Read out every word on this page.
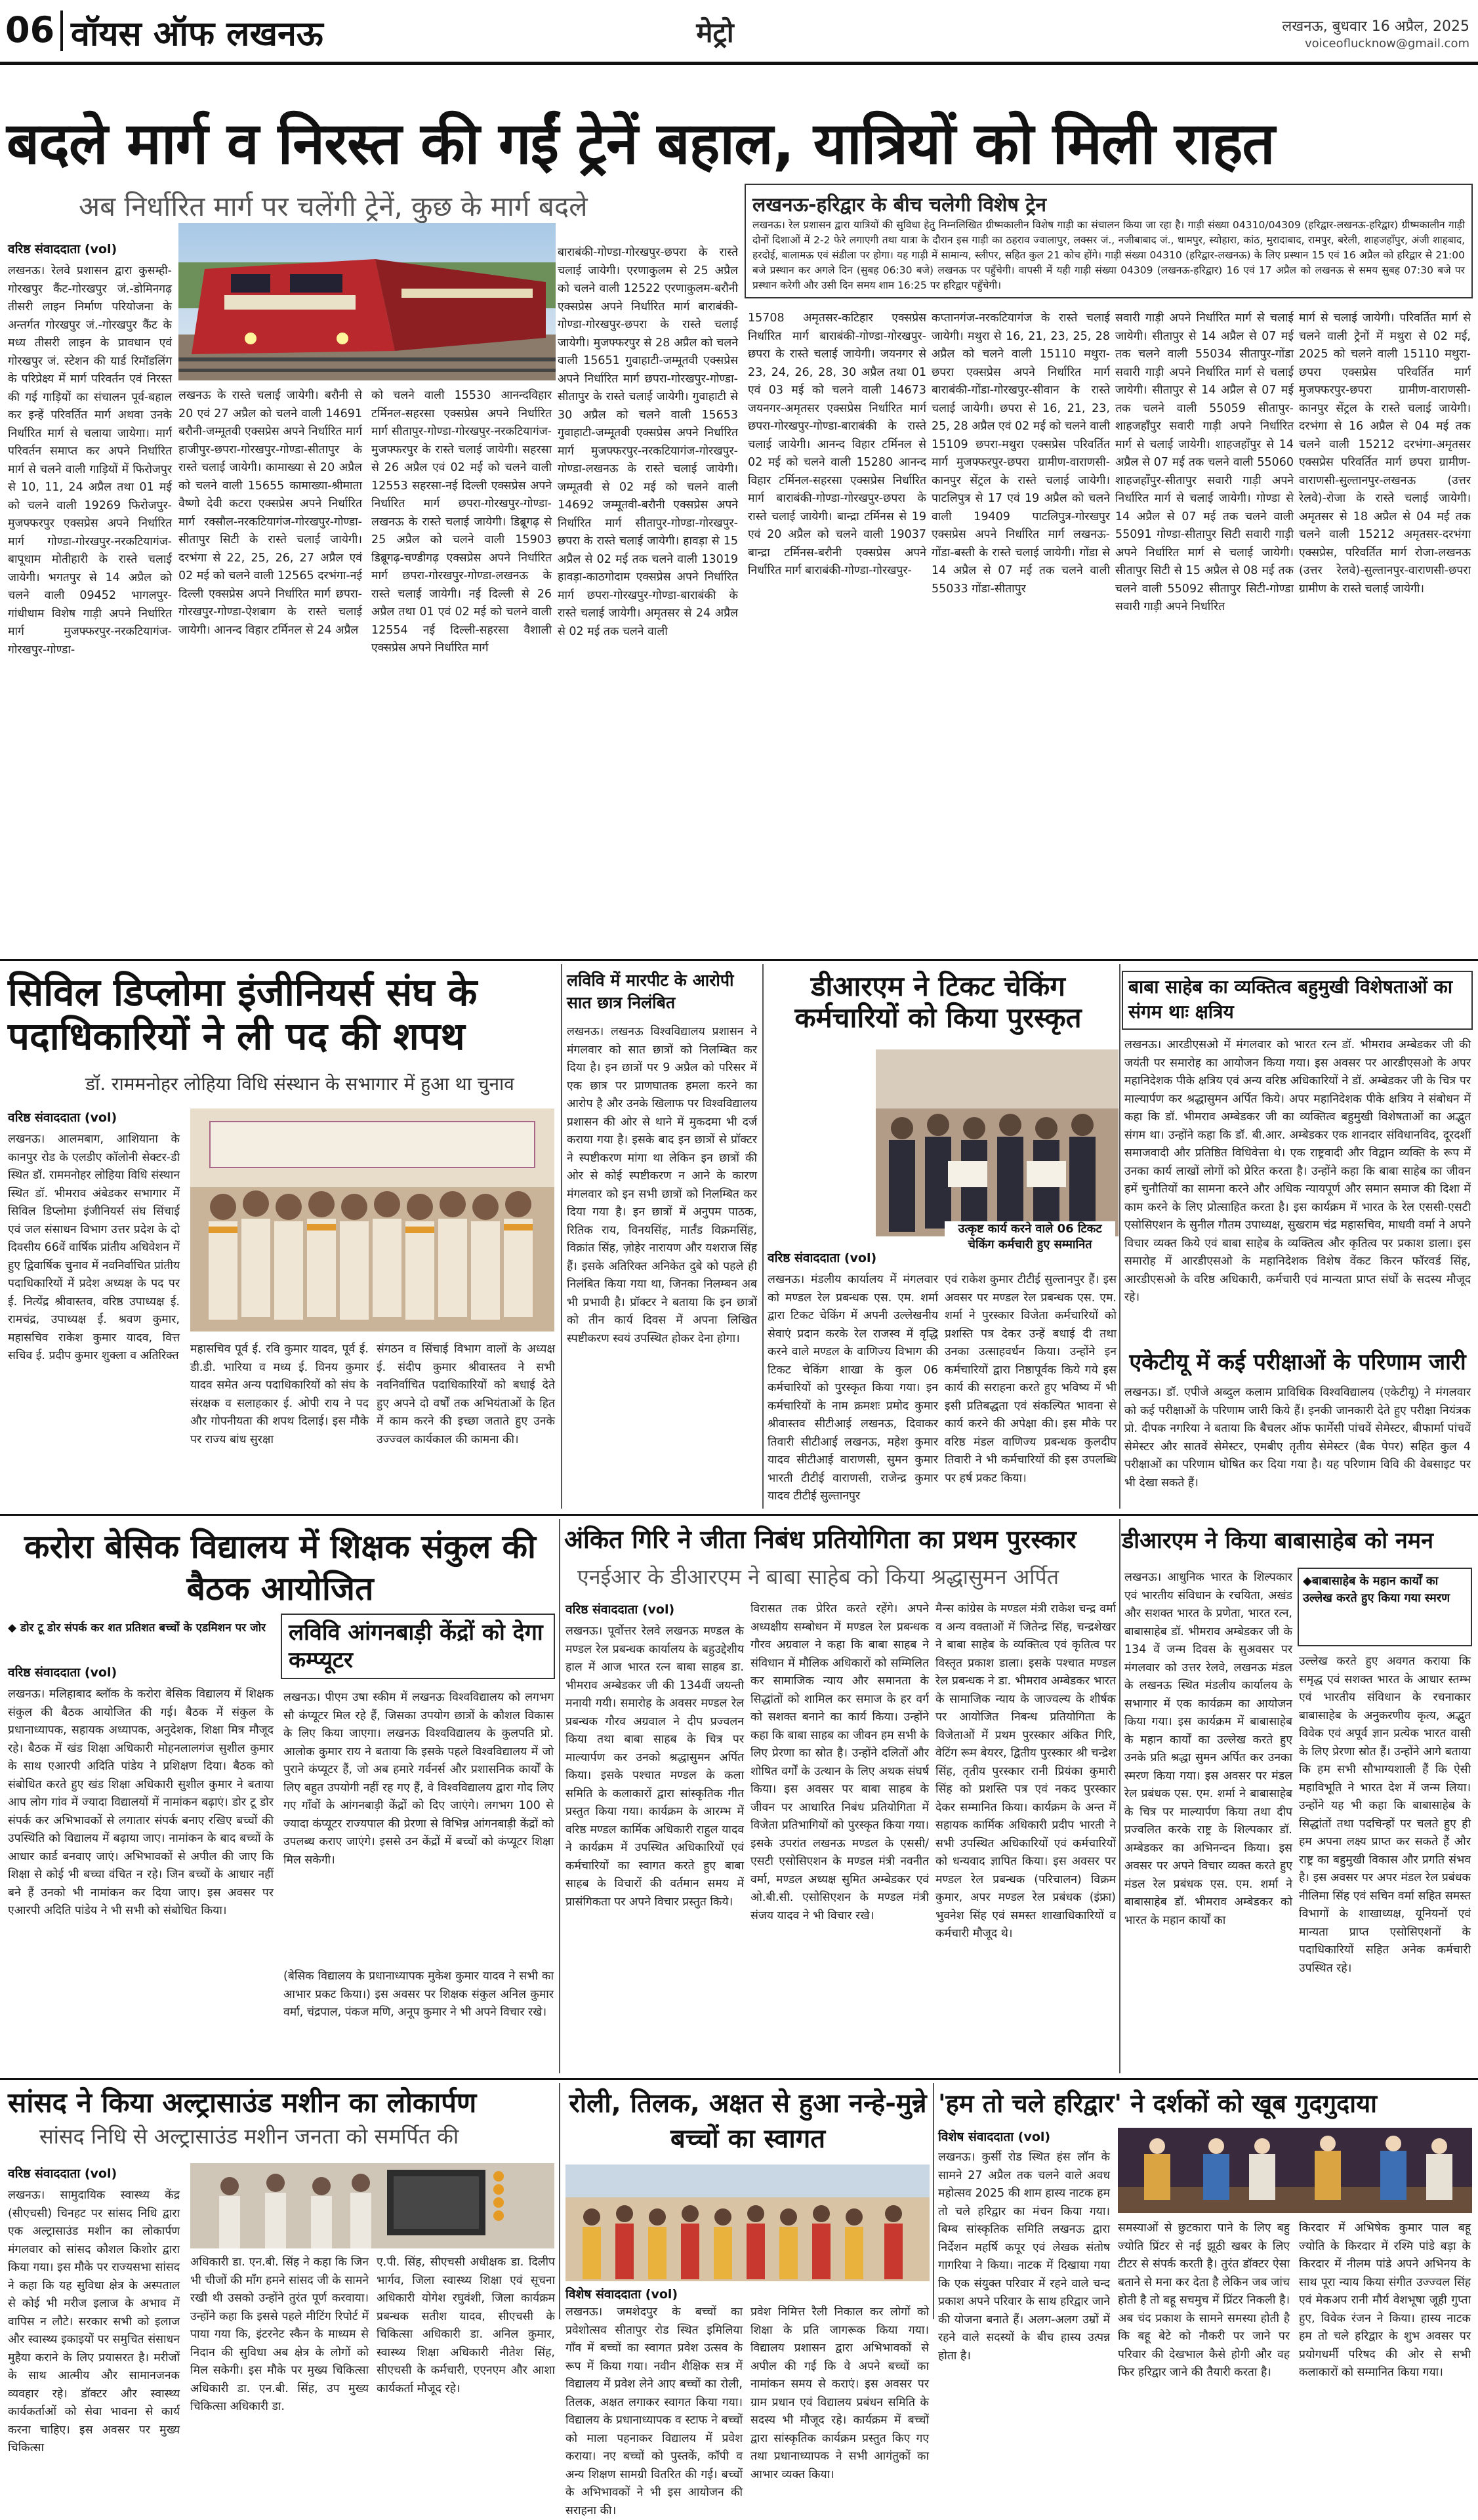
06 वॉयस ऑफ लखनऊ	मेट्रो	लखनऊ, बुधवार 16 अप्रैल, 2025
voiceoflucknow@gmail.com
बदले मार्ग व निरस्त की गईं ट्रेनें बहाल, यात्रियों को मिली राहत
अब निर्धारित मार्ग पर चलेंगी ट्रेनें, कुछ के मार्ग बदले	लखनऊ-हरिद्वार के बीच चलेगी विशेष ट्रेन
लखनऊ। रेल प्रशासन द्वारा यात्रियों की सुविधा हेतु निम्नलिखित ग्रीष्मकालीन विशेष गाड़ी का संचालन किया जा रहा है। गाड़ी संख्या 04310/04309 (हरिद्वार-लखनऊ-हरिद्वार) ग्रीष्मकालीन गाड़ी दोनों दिशाओं में 2-2 फेरे लगाएगी तथा यात्रा के दौरान इस गाड़ी का ठहराव ज्वालापुर, लक्सर जं., नजीबाबाद जं., धामपुर, स्योहारा, कांठ, मुरादाबाद, रामपुर, बरेली, शाहजहाँपुर, अंजी शाहबाद, हरदोई, बालामऊ एवं संडीला पर होगा। यह गाड़ी में सामान्य, स्लीपर, सहित कुल 21 कोच होंगे। गाड़ी संख्या 04310 (हरिद्वार-लखनऊ) के लिए प्रस्थान 15 एवं 16 अप्रैल को हरिद्वार से 21:00 बजे प्रस्थान कर अगले दिन (सुबह 06:30 बजे) लखनऊ पर पहुँचेगी। वापसी में यही गाड़ी संख्या 04309 (लखनऊ-हरिद्वार) 16 एवं 17 अप्रैल को लखनऊ से समय सुबह 07:30 बजे पर प्रस्थान करेगी और उसी दिन समय शाम 16:25 पर हरिद्वार पहुँचेगी।
वरिष्ठ संवाददाता (vol)
लखनऊ। रेलवे प्रशासन द्वारा कुसम्ही-गोरखपुर कैंट-गोरखपुर जं.-डोमिनगढ़ तीसरी लाइन निर्माण परियोजना के अन्तर्गत गोरखपुर जं.-गोरखपुर कैंट के मध्य तीसरी लाइन के प्रावधान एवं गोरखपुर जं. स्टेशन की यार्ड रिमॉडलिंग के परिप्रेक्ष्य में मार्ग परिवर्तन एवं निरस्त की गई गाड़ियों का संचालन पूर्व-बहाल कर इन्हें परिवर्तित मार्ग अथवा उनके निर्धारित मार्ग से चलाया जायेगा। मार्ग परिवर्तन समाप्त कर अपने निर्धारित मार्ग से चलने वाली गाड़ियों में फिरोजपुर से 10, 11, 24 अप्रैल तथा 01 मई को चलने वाली 19269 फिरोजपुर-मुजफ्फरपुर एक्सप्रेस अपने निर्धारित मार्ग गोण्डा-गोरखपुर-नरकटियागंज-बापूधाम मोतीहारी के रास्ते चलाई जायेगी। भगतपुर से 14 अप्रैल को चलने वाली 09452 भागलपुर-गांधीधाम विशेष गाड़ी अपने निर्धारित मार्ग मुजफ्फरपुर-नरकटियागंज-गोरखपुर-गोण्डा-
लखनऊ के रास्ते चलाई जायेगी। बरौनी से 20 एवं 27 अप्रैल को चलने वाली 14691 बरौनी-जम्मूतवी एक्सप्रेस अपने निर्धारित मार्ग हाजीपुर-छपरा-गोरखपुर-गोण्डा-सीतापुर के रास्ते चलाई जायेगी। कामाख्या से 20 अप्रैल को चलने वाली 15655 कामाख्या-श्रीमाता वैष्णो देवी कटरा एक्सप्रेस अपने निर्धारित मार्ग रक्सौल-नरकटियागंज-गोरखपुर-गोण्डा-सीतापुर सिटी के रास्ते चलाई जायेगी। दरभंगा से 22, 25, 26, 27 अप्रैल एवं 02 मई को चलने वाली 12565 दरभंगा-नई दिल्ली एक्सप्रेस अपने निर्धारित मार्ग छपरा-गोरखपुर-गोण्डा-ऐशबाग के रास्ते चलाई जायेगी। आनन्द विहार टर्मिनल से 24 अप्रैल
को चलने वाली 15530 आनन्दविहार टर्मिनल-सहरसा एक्सप्रेस अपने निर्धारित मार्ग सीतापुर-गोण्डा-गोरखपुर-नरकटियागंज-मुजफ्फरपुर के रास्ते चलाई जायेगी। सहरसा से 26 अप्रैल एवं 02 मई को चलने वाली 12553 सहरसा-नई दिल्ली एक्सप्रेस अपने निर्धारित मार्ग छपरा-गोरखपुर-गोण्डा-लखनऊ के रास्ते चलाई जायेगी। डिब्रूगढ़ से 25 अप्रैल को चलने वाली 15903 डिब्रूगढ़-चण्डीगढ़ एक्सप्रेस अपने निर्धारित मार्ग छपरा-गोरखपुर-गोण्डा-लखनऊ के रास्ते चलाई जायेगी। नई दिल्ली से 26 अप्रैल तथा 01 एवं 02 मई को चलने वाली 12554 नई दिल्ली-सहरसा वैशाली एक्सप्रेस अपने निर्धारित मार्ग
बाराबंकी-गोण्डा-गोरखपुर-छपरा के रास्ते चलाई जायेगी। एरणाकुलम से 25 अप्रैल को चलने वाली 12522 एरणाकुलम-बरौनी एक्सप्रेस अपने निर्धारित मार्ग बाराबंकी-गोण्डा-गोरखपुर-छपरा के रास्ते चलाई जायेगी। मुजफ्फरपुर से 28 अप्रैल को चलने वाली 15651 गुवाहाटी-जम्मूतवी एक्सप्रेस अपने निर्धारित मार्ग छपरा-गोरखपुर-गोण्डा-सीतापुर के रास्ते चलाई जायेगी। गुवाहाटी से 30 अप्रैल को चलने वाली 15653 गुवाहाटी-जम्मूतवी एक्सप्रेस अपने निर्धारित मार्ग मुजफ्फरपुर-नरकटियागंज-गोरखपुर-गोण्डा-लखनऊ के रास्ते चलाई जायेगी। जम्मूतवी से 02 मई को चलने वाली 14692 जम्मूतवी-बरौनी एक्सप्रेस अपने निर्धारित मार्ग सीतापुर-गोण्डा-गोरखपुर-छपरा के रास्ते चलाई जायेगी। हावड़ा से 15 अप्रैल से 02 मई तक चलने वाली 13019 हावड़ा-काठगोदाम एक्सप्रेस अपने निर्धारित मार्ग छपरा-गोरखपुर-गोण्डा-बाराबंकी के रास्ते चलाई जायेगी। अमृतसर से 24 अप्रैल से 02 मई तक चलने वाली
15708 अमृतसर-कटिहार एक्सप्रेस निर्धारित मार्ग बाराबंकी-गोण्डा-गोरखपुर-छपरा के रास्ते चलाई जायेगी। जयनगर से 23, 24, 26, 28, 30 अप्रैल तथा 01 एवं 03 मई को चलने वाली 14673 जयनगर-अमृतसर एक्सप्रेस निर्धारित मार्ग छपरा-गोरखपुर-गोण्डा-बाराबंकी के रास्ते चलाई जायेगी। आनन्द विहार टर्मिनल से 02 मई को चलने वाली 15280 आनन्द विहार टर्मिनल-सहरसा एक्सप्रेस निर्धारित मार्ग बाराबंकी-गोण्डा-गोरखपुर-छपरा के रास्ते चलाई जायेगी। बान्द्रा टर्मिनस से 19 एवं 20 अप्रैल को चलने वाली 19037 बान्द्रा टर्मिनस-बरौनी एक्सप्रेस अपने निर्धारित मार्ग बाराबंकी-गोण्डा-गोरखपुर-
कप्तानगंज-नरकटियागंज के रास्ते चलाई जायेगी। मथुरा से 16, 21, 23, 25, 28 अप्रैल को चलने वाली 15110 मथुरा-छपरा एक्सप्रेस अपने निर्धारित मार्ग बाराबंकी-गोंडा-गोरखपुर-सीवान के रास्ते चलाई जायेगी। छपरा से 16, 21, 23, 25, 28 अप्रैल एवं 02 मई को चलने वाली 15109 छपरा-मथुरा एक्सप्रेस परिवर्तित मार्ग मुजफ्फरपुर-छपरा ग्रामीण-वाराणसी-कानपुर सेंट्रल के रास्ते चलाई जायेगी। पाटलिपुत्र से 17 एवं 19 अप्रैल को चलने वाली 19409 पाटलिपुत्र-गोरखपुर एक्सप्रेस अपने निर्धारित मार्ग लखनऊ-गोंडा-बस्ती के रास्ते चलाई जायेगी। गोंडा से 14 अप्रैल से 07 मई तक चलने वाली 55033 गोंडा-सीतापुर
सवारी गाड़ी अपने निर्धारित मार्ग से चलाई जायेगी। सीतापुर से 14 अप्रैल से 07 मई तक चलने वाली 55034 सीतापुर-गोंडा सवारी गाड़ी अपने निर्धारित मार्ग से चलाई जायेगी। सीतापुर से 14 अप्रैल से 07 मई तक चलने वाली 55059 सीतापुर-शाहजहाँपुर सवारी गाड़ी अपने निर्धारित मार्ग से चलाई जायेगी। शाहजहाँपुर से 14 अप्रैल से 07 मई तक चलने वाली 55060 शाहजहाँपुर-सीतापुर सवारी गाड़ी अपने निर्धारित मार्ग से चलाई जायेगी। गोण्डा से 14 अप्रैल से 07 मई तक चलने वाली 55091 गोण्डा-सीतापुर सिटी सवारी गाड़ी अपने निर्धारित मार्ग से चलाई जायेगी। सीतापुर सिटी से 15 अप्रैल से 08 मई तक चलने वाली 55092 सीतापुर सिटी-गोण्डा सवारी गाड़ी अपने निर्धारित
मार्ग से चलाई जायेगी। परिवर्तित मार्ग से चलने वाली ट्रेनों में मथुरा से 02 मई, 2025 को चलने वाली 15110 मथुरा-छपरा एक्सप्रेस परिवर्तित मार्ग मुजफ्फरपुर-छपरा ग्रामीण-वाराणसी-कानपुर सेंट्रल के रास्ते चलाई जायेगी। दरभंगा से 16 अप्रैल से 04 मई तक चलने वाली 15212 दरभंगा-अमृतसर एक्सप्रेस परिवर्तित मार्ग छपरा ग्रामीण-वाराणसी-सुल्तानपुर-लखनऊ (उत्तर रेलवे)-रोजा के रास्ते चलाई जायेगी। अमृतसर से 18 अप्रैल से 04 मई तक चलने वाली 15212 अमृतसर-दरभंगा एक्सप्रेस, परिवर्तित मार्ग रोजा-लखनऊ (उत्तर रेलवे)-सुल्तानपुर-वाराणसी-छपरा ग्रामीण के रास्ते चलाई जायेगी।
सिविल डिप्लोमा इंजीनियर्स संघ के पदाधिकारियों ने ली पद की शपथ
डॉ. राममनोहर लोहिया विधि संस्थान के सभागार में हुआ था चुनाव
वरिष्ठ संवाददाता (vol)
लखनऊ। आलमबाग, आशियाना के कानपुर रोड के एलडीए कॉलोनी सेक्टर-डी स्थित डॉ. राममनोहर लोहिया विधि संस्थान स्थित डॉ. भीमराव अंबेडकर सभागार में सिविल डिप्लोमा इंजीनियर्स संघ सिंचाई एवं जल संसाधन विभाग उत्तर प्रदेश के दो दिवसीय 66वें वार्षिक प्रांतीय अधिवेशन में हुए द्विवार्षिक चुनाव में नवनिर्वाचित प्रांतीय पदाधिकारियों में प्रदेश अध्यक्ष के पद पर ई. नित्येंद्र श्रीवास्तव, वरिष्ठ उपाध्यक्ष ई. रामचंद्र, उपाध्यक्ष ई. श्रवण कुमार, महासचिव राकेश कुमार यादव, वित्त सचिव ई. प्रदीप कुमार शुक्ला व अतिरिक्त महासचिव पूर्व ई. रवि कुमार यादव, पूर्व ई. डी.डी. भारिया व मध्य ई. विनय कुमार यादव समेत अन्य पदाधिकारियों को संघ के संरक्षक व सलाहकार ई. ओपी राय ने पद और गोपनीयता की शपथ दिलाई। इस मौके पर राज्य बांध सुरक्षा
संगठन व सिंचाई विभाग वालों के अध्यक्ष ई. संदीप कुमार श्रीवास्तव ने सभी नवनिर्वाचित पदाधिकारियों को बधाई देते हुए अपने दो वर्षों तक अभियंताओं के हित में काम करने की इच्छा जताते हुए उनके उज्ज्वल कार्यकाल की कामना की।
लविवि में मारपीट के आरोपी सात छात्र निलंबित
लखनऊ। लखनऊ विश्वविद्यालय प्रशासन ने मंगलवार को सात छात्रों को निलम्बित कर दिया है। इन छात्रों पर 9 अप्रैल को परिसर में एक छात्र पर प्राणघातक हमला करने का आरोप है और उनके खिलाफ पर विश्वविद्यालय प्रशासन की ओर से थाने में मुकदमा भी दर्ज कराया गया है। इसके बाद इन छात्रों से प्रॉक्टर ने स्पष्टीकरण मांगा था लेकिन इन छात्रों की ओर से कोई स्पष्टीकरण न आने के कारण मंगलवार को इन सभी छात्रों को निलम्बित कर दिया गया है। इन छात्रों में अनुपम पाठक, रितिक राय, विनयसिंह, मार्तंड विक्रमसिंह, विक्रांत सिंह, ज़ोहेर नारायण और यशराज सिंह हैं। इसके अतिरिक्त अनिकेत दुबे को पहले ही निलंबित किया गया था, जिनका निलम्बन अब भी प्रभावी है। प्रॉक्टर ने बताया कि इन छात्रों को तीन कार्य दिवस में अपना लिखित स्पष्टीकरण स्वयं उपस्थित होकर देना होगा।
डीआरएम ने टिकट चेकिंग कर्मचारियों को किया पुरस्कृत
उत्कृष्ट कार्य करने वाले 06 टिकट चेकिंग कर्मचारी हुए सम्मानित
वरिष्ठ संवाददाता (vol)
लखनऊ। मंडलीय कार्यालय में मंगलवार को मण्डल रेल प्रबन्धक एस. एम. शर्मा द्वारा टिकट चेकिंग में अपनी उल्लेखनीय सेवाएं प्रदान करके रेल राजस्व में वृद्धि करने वाले मण्डल के वाणिज्य विभाग की टिकट चेकिंग शाखा के कुल 06 कर्मचारियों को पुरस्कृत किया गया। इन कर्मचारियों के नाम क्रमशः प्रमोद कुमार श्रीवास्तव सीटीआई लखनऊ, दिवाकर तिवारी सीटीआई लखनऊ, महेश कुमार यादव सीटीआई वाराणसी, सुमन कुमार भारती टीटीई वाराणसी, राजेन्द्र कुमार यादव टीटीई सुल्तानपुर
एवं राकेश कुमार टीटीई सुल्तानपुर हैं। इस अवसर पर मण्डल रेल प्रबन्धक एस. एम. शर्मा ने पुरस्कार विजेता कर्मचारियों को प्रशस्ति पत्र देकर उन्हें बधाई दी तथा उनका उत्साहवर्धन किया। उन्होंने इन कर्मचारियों द्वारा निष्ठापूर्वक किये गये इस कार्य की सराहना करते हुए भविष्य में भी इसी प्रतिबद्धता एवं संकल्पित भावना से कार्य करने की अपेक्षा की। इस मौके पर वरिष्ठ मंडल वाणिज्य प्रबन्धक कुलदीप तिवारी ने भी कर्मचारियों की इस उपलब्धि पर हर्ष प्रकट किया।
बाबा साहेब का व्यक्तित्व बहुमुखी विशेषताओं का संगम थाः क्षत्रिय
लखनऊ। आरडीएसओ में मंगलवार को भारत रत्न डॉ. भीमराव अम्बेडकर जी की जयंती पर समारोह का आयोजन किया गया। इस अवसर पर आरडीएसओ के अपर महानिदेशक पीके क्षत्रिय एवं अन्य वरिष्ठ अधिकारियों ने डॉ. अम्बेडकर जी के चित्र पर माल्यार्पण कर श्रद्धासुमन अर्पित किये। अपर महानिदेशक पीके क्षत्रिय ने संबोधन में कहा कि डॉ. भीमराव अम्बेडकर जी का व्यक्तित्व बहुमुखी विशेषताओं का अद्भुत संगम था। उन्होंने कहा कि डॉ. बी.आर. अम्बेडकर एक शानदार संविधानविद, दूरदर्शी समाजवादी और प्रतिष्ठित विधिवेत्ता थे। एक राष्ट्रवादी और विद्वान व्यक्ति के रूप में उनका कार्य लाखों लोगों को प्रेरित करता है। उन्होंने कहा कि बाबा साहेब का जीवन हमें चुनौतियों का सामना करने और अधिक न्यायपूर्ण और समान समाज की दिशा में काम करने के लिए प्रोत्साहित करता है। इस कार्यक्रम में भारत के रेल एससी-एसटी एसोसिएशन के सुनील गौतम उपाध्यक्ष, सुखराम चंद्र महासचिव, माधवी वर्मा ने अपने विचार व्यक्त किये एवं बाबा साहेब के व्यक्तित्व और कृतित्व पर प्रकाश डाला। इस समारोह में आरडीएसओ के महानिदेशक विशेष वेंकट किरन फॉरवर्ड सिंह, आरडीएसओ के वरिष्ठ अधिकारी, कर्मचारी एवं मान्यता प्राप्त संघों के सदस्य मौजूद रहे।
एकेटीयू में कई परीक्षाओं के परिणाम जारी
लखनऊ। डॉ. एपीजे अब्दुल कलाम प्राविधिक विश्वविद्यालय (एकेटीयू) ने मंगलवार को कई परीक्षाओं के परिणाम जारी किये हैं। इनकी जानकारी देते हुए परीक्षा नियंत्रक प्रो. दीपक नगरिया ने बताया कि बैचलर ऑफ फार्मेसी पांचवें सेमेस्टर, बीफार्मा पांचवें सेमेस्टर और सातवें सेमेस्टर, एमबीए तृतीय सेमेस्टर (बैक पेपर) सहित कुल 4 परीक्षाओं का परिणाम घोषित कर दिया गया है। यह परिणाम विवि की वेबसाइट पर भी देखा सकते हैं।
करोरा बेसिक विद्यालय में शिक्षक संकुल की बैठक आयोजित
◆ डोर टू डोर संपर्क कर शत प्रतिशत बच्चों के एडमिशन पर जोर
वरिष्ठ संवाददाता (vol)
लखनऊ। मलिहाबाद ब्लॉक के करोरा बेसिक विद्यालय में शिक्षक संकुल की बैठक आयोजित की गई। बैठक में संकुल के प्रधानाध्यापक, सहायक अध्यापक, अनुदेशक, शिक्षा मित्र मौजूद रहे। बैठक में खंड शिक्षा अधिकारी मोहनलालगंज सुशील कुमार के साथ एआरपी अदिति पांडेय ने प्रशिक्षण दिया। बैठक को संबोधित करते हुए खंड शिक्षा अधिकारी सुशील कुमार ने बताया आप लोग गांव में ज्यादा विद्यालयों में नामांकन बढ़ाएं। डोर टू डोर संपर्क कर अभिभावकों से लगातार संपर्क बनाए रखिए बच्चों की उपस्थिति को विद्यालय में बढ़ाया जाए। नामांकन के बाद बच्चों के आधार कार्ड बनवाए जाएं। अभिभावकों से अपील की जाए कि शिक्षा से कोई भी बच्चा वंचित न रहे। जिन बच्चों के आधार नहीं बने हैं उनको भी नामांकन कर दिया जाए। इस अवसर पर एआरपी अदिति पांडेय ने भी सभी को संबोधित किया।
लविवि आंगनबाड़ी केंद्रों को देगा कम्प्यूटर
लखनऊ। पीएम उषा स्कीम में लखनऊ विश्वविद्यालय को लगभग सौ कंप्यूटर मिल रहे हैं, जिसका उपयोग छात्रों के कौशल विकास के लिए किया जाएगा। लखनऊ विश्वविद्यालय के कुलपति प्रो. आलोक कुमार राय ने बताया कि इसके पहले विश्वविद्यालय में जो पुराने कंप्यूटर हैं, जो अब हमारे गर्वनर्स और प्रशासनिक कार्यों के लिए बहुत उपयोगी नहीं रह गए हैं, वे विश्वविद्यालय द्वारा गोद लिए गए गाँवों के आंगनबाड़ी केंद्रों को दिए जाएंगे। लगभग 100 से ज्यादा कंप्यूटर राज्यपाल की प्रेरणा से विभिन्न आंगनबाड़ी केंद्रों को उपलब्ध कराए जाएंगे। इससे उन केंद्रों में बच्चों को कंप्यूटर शिक्षा मिल सकेगी।
(बेसिक विद्यालय के प्रधानाध्यापक मुकेश कुमार यादव ने सभी का आभार प्रकट किया।) इस अवसर पर शिक्षक संकुल अनिल कुमार वर्मा, चंद्रपाल, पंकज मणि, अनूप कुमार ने भी अपने विचार रखे।
अंकित गिरि ने जीता निबंध प्रतियोगिता का प्रथम पुरस्कार
एनईआर के डीआरएम ने बाबा साहेब को किया श्रद्धासुमन अर्पित
वरिष्ठ संवाददाता (vol)
लखनऊ। पूर्वोत्तर रेलवे लखनऊ मण्डल के मण्डल रेल प्रबन्धक कार्यालय के बहुउद्देशीय हाल में आज भारत रत्न बाबा साहब डा. भीमराव अम्बेडकर जी की 134वीं जयन्ती मनायी गयी। समारोह के अवसर मण्डल रेल प्रबन्धक गौरव अग्रवाल ने दीप प्रज्वलन किया तथा बाबा साहब के चित्र पर माल्यार्पण कर उनको श्रद्धासुमन अर्पित किया। इसके पश्चात मण्डल के कला समिति के कलाकारों द्वारा सांस्कृतिक गीत प्रस्तुत किया गया। कार्यक्रम के आरम्भ में वरिष्ठ मण्डल कार्मिक अधिकारी राहुल यादव ने कार्यक्रम में उपस्थित अधिकारियों एवं कर्मचारियों का स्वागत करते हुए बाबा साहब के विचारों की वर्तमान समय में प्रासंगिकता पर अपने विचार प्रस्तुत किये।
विरासत तक प्रेरित करते रहेंगे। अपने अध्यक्षीय सम्बोधन में मण्डल रेल प्रबन्धक गौरव अग्रवाल ने कहा कि बाबा साहब ने संविधान में मौलिक अधिकारों को सम्मिलित कर सामाजिक न्याय और समानता के सिद्धांतों को शामिल कर समाज के हर वर्ग को सशक्त बनाने का कार्य किया। उन्होंने कहा कि बाबा साहब का जीवन हम सभी के लिए प्रेरणा का स्रोत है। उन्होंने दलितों और शोषित वर्गों के उत्थान के लिए अथक संघर्ष किया। इस अवसर पर बाबा साहब के जीवन पर आधारित निबंध प्रतियोगिता में विजेता प्रतिभागियों को पुरस्कृत किया गया। इसके उपरांत लखनऊ मण्डल के एससी/एसटी एसोसिएशन के मण्डल मंत्री नवनीत वर्मा, मण्डल अध्यक्ष सुमित अम्बेडकर एवं ओ.बी.सी. एसोसिएशन के मण्डल मंत्री संजय यादव ने भी विचार रखे।
मैन्स कांग्रेस के मण्डल मंत्री राकेश चन्द्र वर्मा व अन्य वक्ताओं में जितेन्द्र सिंह, चन्द्रशेखर ने बाबा साहेब के व्यक्तित्व एवं कृतित्व पर विस्तृत प्रकाश डाला। इसके पश्चात मण्डल रेल प्रबन्धक ने डा. भीमराव अम्बेडकर भारत के सामाजिक न्याय के जाज्वल्य के शीर्षक पर आयोजित निबन्ध प्रतियोगिता के विजेताओं में प्रथम पुरस्कार अंकित गिरि, वेटिंग रूम बेयरर, द्वितीय पुरस्कार श्री चन्द्रेश सिंह, तृतीय पुरस्कार रानी प्रियंका कुमारी सिंह को प्रशस्ति पत्र एवं नकद पुरस्कार देकर सम्मानित किया। कार्यक्रम के अन्त में सहायक कार्मिक अधिकारी प्रदीप भारती ने सभी उपस्थित अधिकारियों एवं कर्मचारियों को धन्यवाद ज्ञापित किया। इस अवसर पर मण्डल रेल प्रबन्धक (परिचालन) विक्रम कुमार, अपर मण्डल रेल प्रबंधक (इंफ्रा) भुवनेश सिंह एवं समस्त शाखाधिकारियों व कर्मचारी मौजूद थे।
डीआरएम ने किया बाबासाहेब को नमन
◆बाबासाहेब के महान कार्यों का उल्लेख करते हुए किया गया स्मरण
लखनऊ। आधुनिक भारत के शिल्पकार एवं भारतीय संविधान के रचयिता, अखंड और सशक्त भारत के प्रणेता, भारत रत्न, बाबासाहेब डॉ. भीमराव अम्बेडकर जी के 134 वें जन्म दिवस के सुअवसर पर मंगलवार को उत्तर रेलवे, लखनऊ मंडल के लखनऊ स्थित मंडलीय कार्यालय के सभागार में एक कार्यक्रम का आयोजन किया गया। इस कार्यक्रम में बाबासाहेब के महान कार्यों का उल्लेख करते हुए उनके प्रति श्रद्धा सुमन अर्पित कर उनका स्मरण किया गया। इस अवसर पर मंडल रेल प्रबंधक एस. एम. शर्मा ने बाबासाहेब के चित्र पर माल्यार्पण किया तथा दीप प्रज्वलित करके राष्ट्र के शिल्पकार डॉ. अम्बेडकर का अभिनन्दन किया। इस अवसर पर अपने विचार व्यक्त करते हुए मंडल रेल प्रबंधक एस. एम. शर्मा ने बाबासाहेब डॉ. भीमराव अम्बेडकर को भारत के महान कार्यों का
उल्लेख करते हुए अवगत कराया कि समृद्ध एवं सशक्त भारत के आधार स्तम्भ एवं भारतीय संविधान के रचनाकार बाबासाहेब के अनुकरणीय कृत्य, अद्भुत विवेक एवं अपूर्व ज्ञान प्रत्येक भारत वासी के लिए प्रेरणा स्रोत हैं। उन्होंने आगे बताया कि हम सभी सौभाग्यशाली हैं कि ऐसी महाविभूति ने भारत देश में जन्म लिया। उन्होंने यह भी कहा कि बाबासाहेब के सिद्धांतों तथा पदचिन्हों पर चलते हुए ही हम अपना लक्ष्य प्राप्त कर सकते हैं और राष्ट्र का बहुमुखी विकास और प्रगति संभव है। इस अवसर पर अपर मंडल रेल प्रबंधक नीलिमा सिंह एवं सचिन वर्मा सहित समस्त विभागों के शाखाध्यक्ष, यूनियनों एवं मान्यता प्राप्त एसोसिएशनों के पदाधिकारियों सहित अनेक कर्मचारी उपस्थित रहे।
सांसद ने किया अल्ट्रासाउंड मशीन का लोकार्पण
सांसद निधि से अल्ट्रासाउंड मशीन जनता को समर्पित की
वरिष्ठ संवाददाता (vol)
लखनऊ। सामुदायिक स्वास्थ्य केंद्र (सीएचसी) चिनहट पर सांसद निधि द्वारा एक अल्ट्रासाउंड मशीन का लोकार्पण मंगलवार को सांसद कौशल किशोर द्वारा किया गया। इस मौके पर राज्यसभा सांसद ने कहा कि यह सुविधा क्षेत्र के अस्पताल से कोई भी मरीज इलाज के अभाव में वापिस न लौटे। सरकार सभी को इलाज और स्वास्थ्य इकाइयों पर समुचित संसाधन मुहैया कराने के लिए प्रयासरत है। मरीजों के साथ आत्मीय और सामानजनक व्यवहार रहे। डॉक्टर और स्वास्थ्य कार्यकर्ताओं को सेवा भावना से कार्य करना चाहिए। इस अवसर पर मुख्य चिकित्सा
अधिकारी डा. एन.बी. सिंह ने कहा कि जिन भी चीजों की माँग हमने सांसद जी के सामने रखी थी उसको उन्होंने तुरंत पूर्ण करवाया। उन्होंने कहा कि इससे पहले मीटिंग रिपोर्ट में पाया गया कि, इंटरनेट स्कैन के माध्यम से निदान की सुविधा अब क्षेत्र के लोगों को मिल सकेगी। इस मौके पर मुख्य चिकित्सा अधिकारी डा. एन.बी. सिंह, उप मुख्य चिकित्सा अधिकारी डा.
ए.पी. सिंह, सीएचसी अधीक्षक डा. दिलीप भार्गव, जिला स्वास्थ्य शिक्षा एवं सूचना अधिकारी योगेश रघुवंशी, जिला कार्यक्रम प्रबन्धक सतीश यादव, सीएचसी के चिकित्सा अधिकारी डा. अनिल कुमार, स्वास्थ्य शिक्षा अधिकारी नीतेश सिंह, सीएचसी के कर्मचारी, एएनएम और आशा कार्यकर्ता मौजूद रहे।
रोली, तिलक, अक्षत से हुआ नन्हे-मुन्ने बच्चों का स्वागत
विशेष संवाददाता (vol)
लखनऊ। जमशेदपुर के बच्चों का प्रवेशोत्सव सीतापुर रोड स्थित इमिलिया गाँव में बच्चों का स्वागत प्रवेश उत्सव के रूप में किया गया। नवीन शैक्षिक सत्र में विद्यालय में प्रवेश लेने आए बच्चों का रोली, तिलक, अक्षत लगाकर स्वागत किया गया। विद्यालय के प्रधानाध्यापक व स्टाफ ने बच्चों को माला पहनाकर विद्यालय में प्रवेश कराया। नए बच्चों को पुस्तकें, कॉपी व अन्य शिक्षण सामग्री वितरित की गई। बच्चों के अभिभावकों ने भी इस आयोजन की सराहना की।
प्रवेश निमित्त रैली निकाल कर लोगों को शिक्षा के प्रति जागरूक किया गया। विद्यालय प्रशासन द्वारा अभिभावकों से अपील की गई कि वे अपने बच्चों का नामांकन समय से कराएं। इस अवसर पर ग्राम प्रधान एवं विद्यालय प्रबंधन समिति के सदस्य भी मौजूद रहे। कार्यक्रम में बच्चों द्वारा सांस्कृतिक कार्यक्रम प्रस्तुत किए गए तथा प्रधानाध्यापक ने सभी आगंतुकों का आभार व्यक्त किया।
'हम तो चले हरिद्वार' ने दर्शकों को खूब गुदगुदाया
विशेष संवाददाता (vol)
लखनऊ। कुर्सी रोड स्थित हंस लॉन के सामने 27 अप्रैल तक चलने वाले अवध महोत्सव 2025 की शाम हास्य नाटक हम तो चले हरिद्वार का मंचन किया गया। बिम्ब सांस्कृतिक समिति लखनऊ द्वारा निर्देशन महर्षि कपूर एवं लेखक संतोष गागरिया ने किया। नाटक में दिखाया गया कि एक संयुक्त परिवार में रहने वाले चन्द प्रकाश अपने परिवार के साथ हरिद्वार जाने की योजना बनाते हैं। अलग-अलग उम्रों में रहने वाले सदस्यों के बीच हास्य उत्पन्न होता है।
समस्याओं से छुटकारा पाने के लिए बहु ज्योति प्रिंटर से नई झूठी खबर के लिए टीटर से संपर्क करती है। तुरंत डॉक्टर ऐसा बताने से मना कर देता है लेकिन जब जांच होती है तो बहू सचमुच में प्रिंटर निकली है। अब चंद प्रकाश के सामने समस्या होती है कि बहू बेटे को नौकरी पर जाने पर परिवार की देखभाल कैसे होगी और वह फिर हरिद्वार जाने की तैयारी करता है।
किरदार में अभिषेक कुमार पाल बहू ज्योति के किरदार में रश्मि पांडे बड़ा के किरदार में नीलम पांडे अपने अभिनय के साथ पूरा न्याय किया संगीत उज्ज्वल सिंह एवं मेकअप रानी मौर्य वेशभूषा जूही गुप्ता हुए, विवेक रंजन ने किया। हास्य नाटक हम तो चले हरिद्वार के शुभ अवसर पर प्रयोगधर्मी परिषद की ओर से सभी कलाकारों को सम्मानित किया गया।
